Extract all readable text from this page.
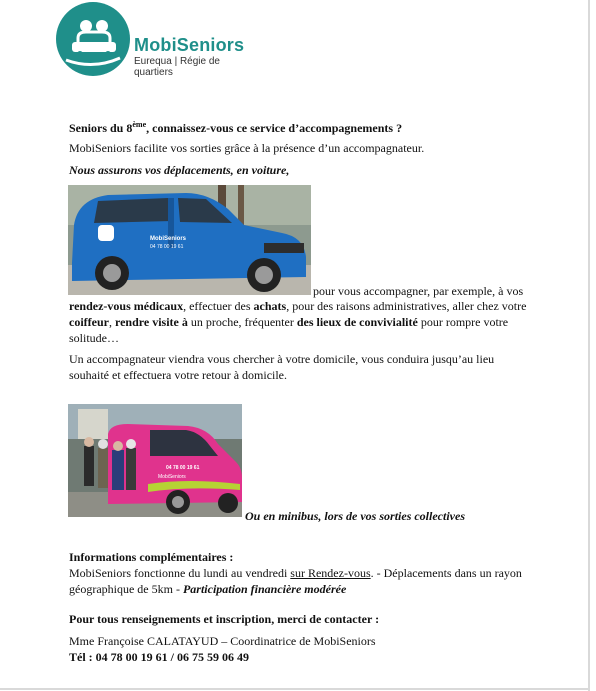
MobiSeniors
Eurequa | Régie de quartiers
Seniors du 8ème, connaissez-vous ce service d’accompagnements ?
MobiSeniors facilite vos sorties grâce à la présence d’un accompagnateur.
Nous assurons vos déplacements, en voiture,
MobiSeniors
04 78 00 19 61
pour vous accompagner, par exemple, à vos
rendez-vous médicaux, effectuer des achats, pour des raisons administratives, aller chez votre
coiffeur, rendre visite à un proche, fréquenter des lieux de convivialité pour rompre votre
solitude…
Un accompagnateur viendra vous chercher à votre domicile, vous conduira jusqu’au lieu
souhaité et effectuera votre retour à domicile.
04 78 00 19 61
MobiSeniors
Ou en minibus, lors de vos sorties collectives
Informations complémentaires :
MobiSeniors fonctionne du lundi au vendredi sur Rendez-vous. - Déplacements dans un rayon
géographique de 5km - Participation financière modérée
Pour tous renseignements et inscription, merci de contacter :
Mme Françoise CALATAYUD – Coordinatrice de MobiSeniors
Tél : 04 78 00 19 61 / 06 75 59 06 49
